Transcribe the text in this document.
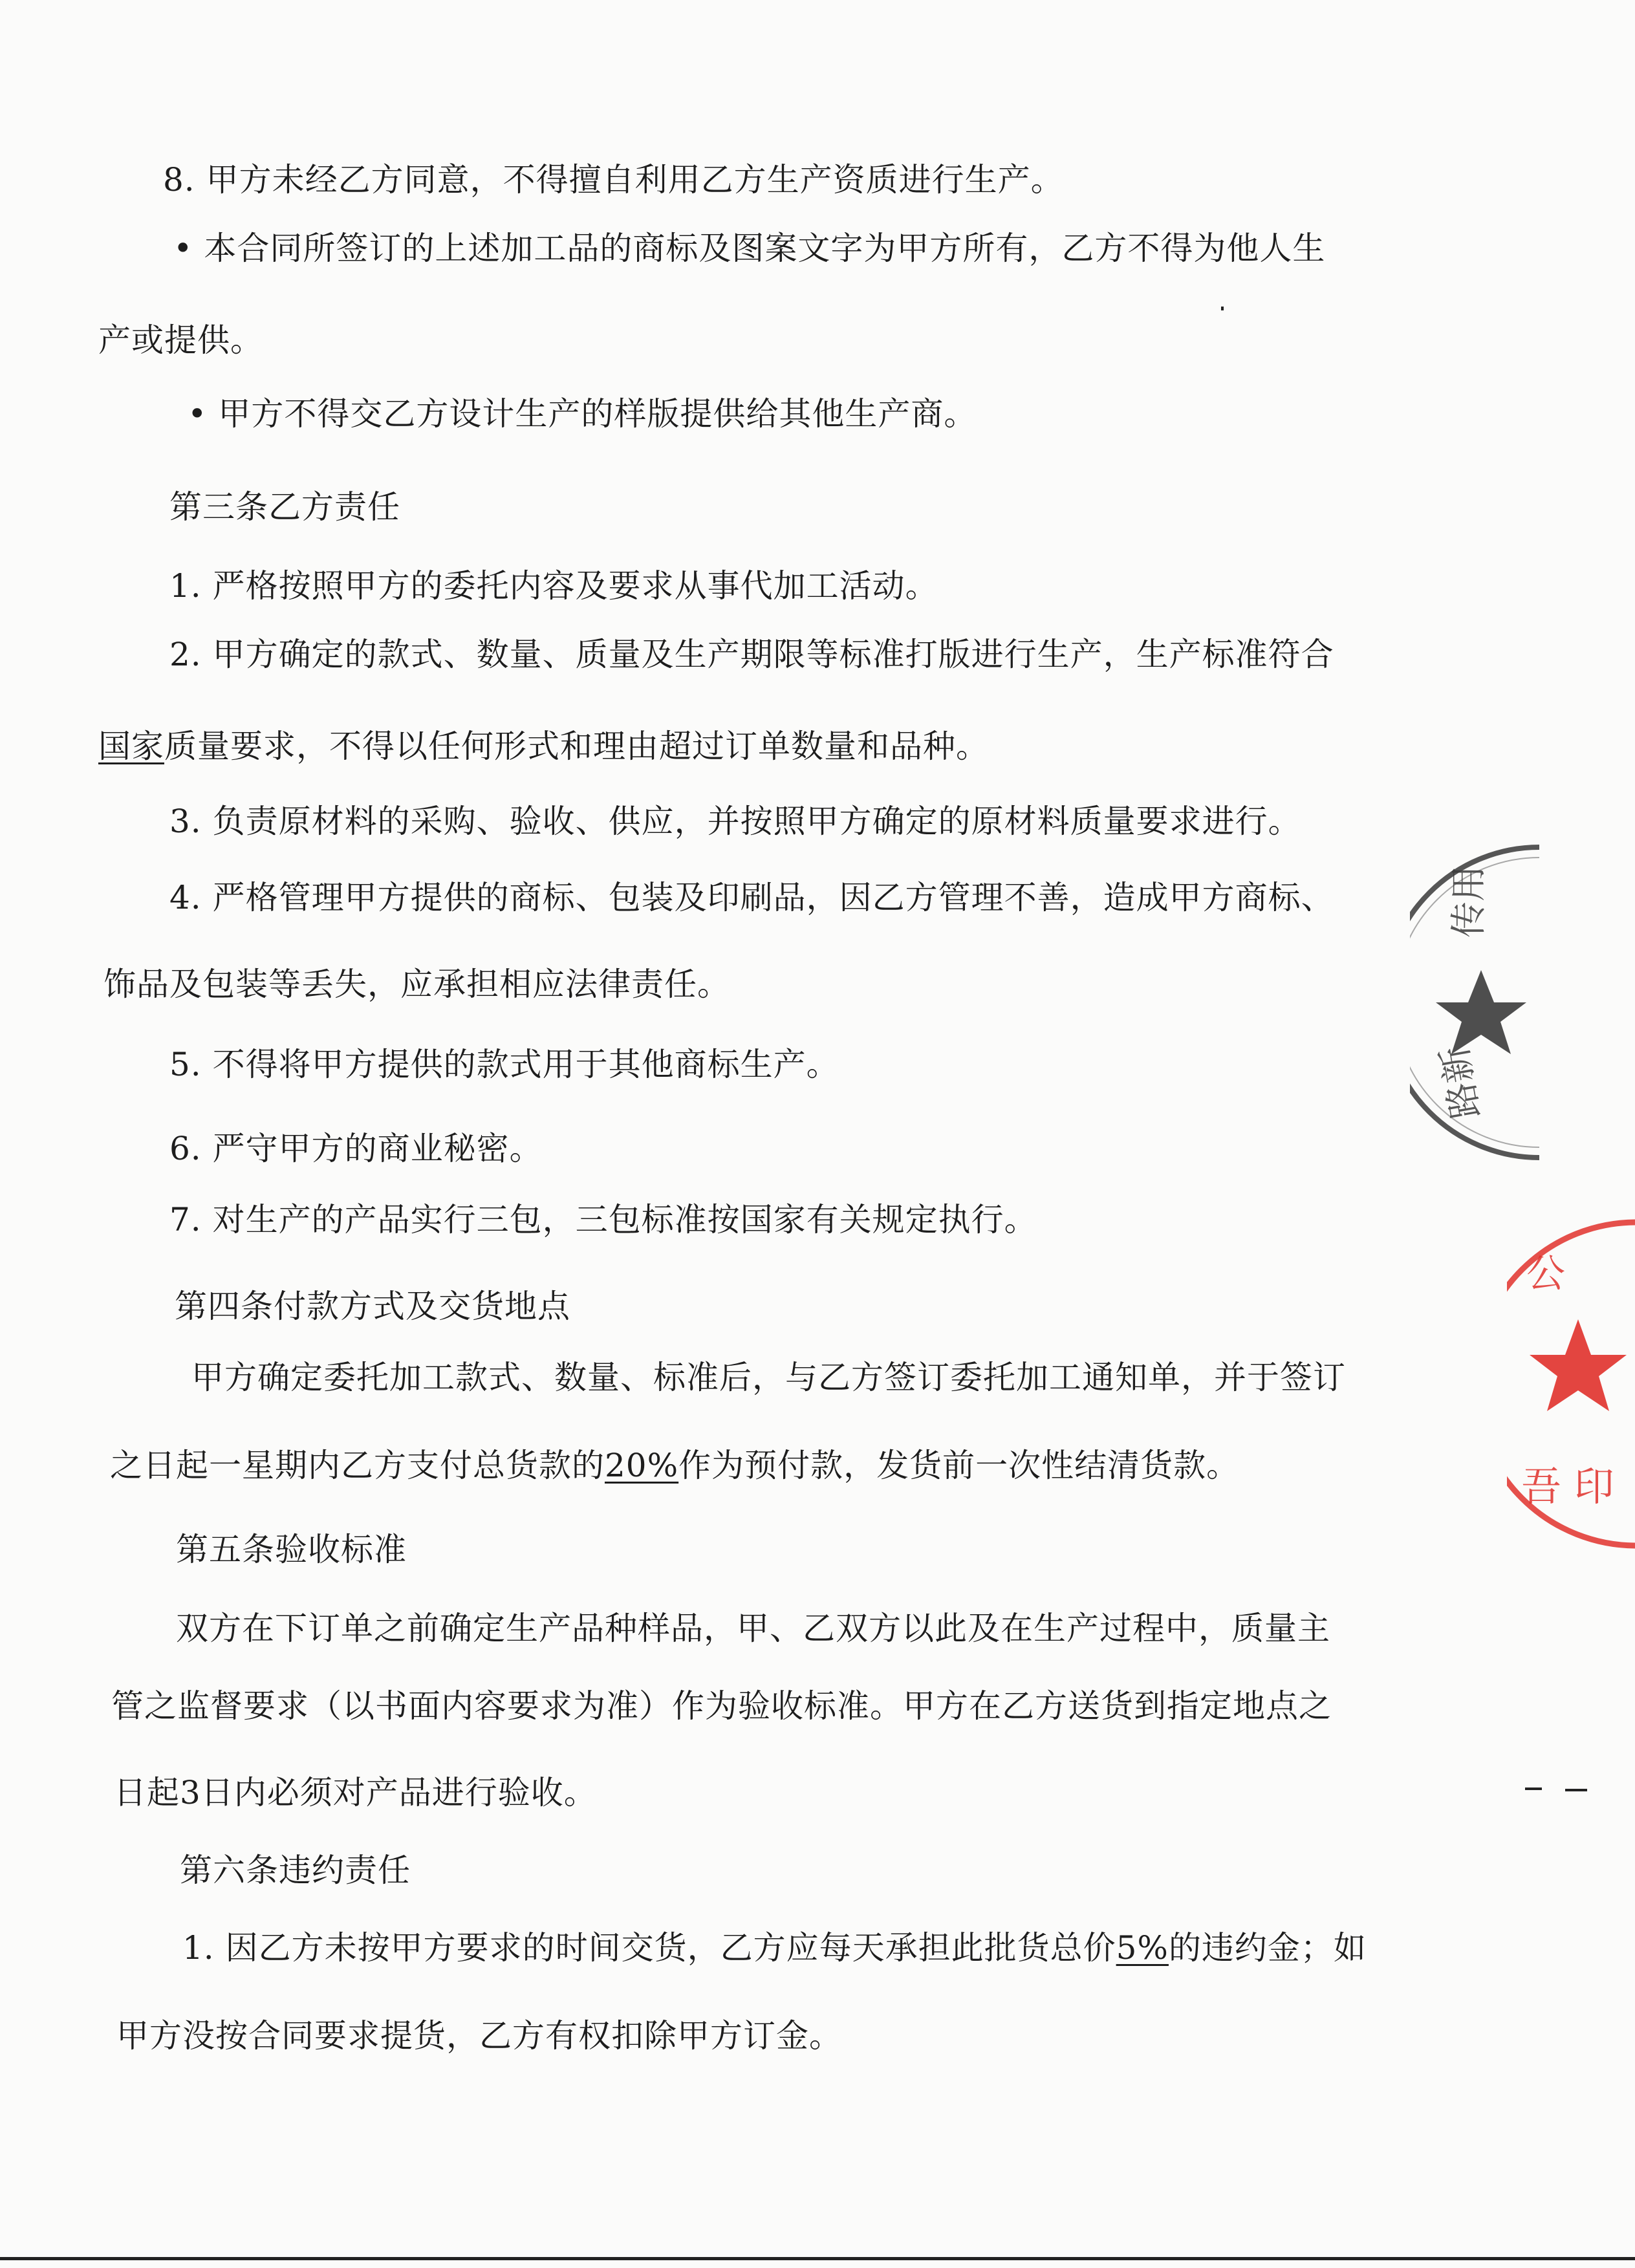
8. 甲方未经乙方同意，不得擅自利用乙方生产资质进行生产。
• 本合同所签订的上述加工品的商标及图案文字为甲方所有，乙方不得为他人生
产或提供。
• 甲方不得交乙方设计生产的样版提供给其他生产商。
第三条乙方责任
1. 严格按照甲方的委托内容及要求从事代加工活动。
2. 甲方确定的款式、数量、质量及生产期限等标准打版进行生产，生产标准符合
国家质量要求，不得以任何形式和理由超过订单数量和品种。
3. 负责原材料的采购、验收、供应，并按照甲方确定的原材料质量要求进行。
4. 严格管理甲方提供的商标、包装及印刷品，因乙方管理不善，造成甲方商标、
饰品及包装等丢失，应承担相应法律责任。
5. 不得将甲方提供的款式用于其他商标生产。
6. 严守甲方的商业秘密。
7. 对生产的产品实行三包，三包标准按国家有关规定执行。
第四条付款方式及交货地点
甲方确定委托加工款式、数量、标准后，与乙方签订委托加工通知单，并于签订
之日起一星期内乙方支付总货款的20%作为预付款，发货前一次性结清货款。
第五条验收标准
双方在下订单之前确定生产品种样品，甲、乙双方以此及在生产过程中，质量主
管之监督要求（以书面内容要求为准）作为验收标准。甲方在乙方送货到指定地点之
日起3日内必须对产品进行验收。
第六条违约责任
1. 因乙方未按甲方要求的时间交货，乙方应每天承担此批货总价5%的违约金；如
甲方没按合同要求提货，乙方有权扣除甲方订金。
传用
路新
公
吾 印
